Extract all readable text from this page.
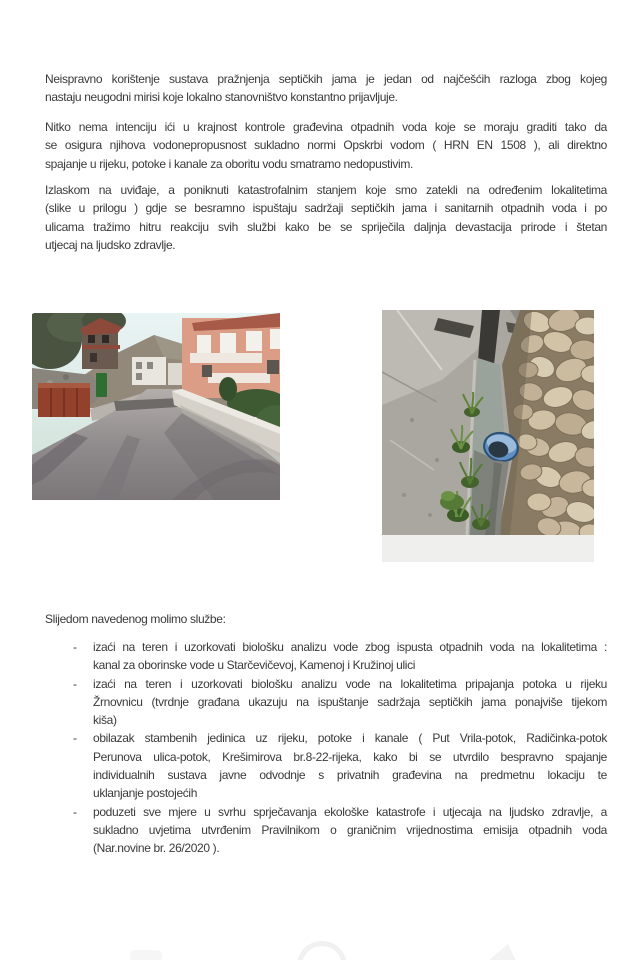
Neispravno korištenje sustava pražnjenja septičkih jama je jedan od najčešćih razloga zbog kojeg
nastaju neugodni mirisi koje lokalno stanovništvo konstantno prijavljuje.
Nitko nema intenciju ići u krajnost kontrole građevina otpadnih voda koje se moraju graditi tako da
se osigura njihova vodonepropusnost sukladno normi Opskrbi vodom ( HRN EN 1508 ), ali direktno
spajanje u rijeku, potoke i kanale za oboritu vodu smatramo nedopustivim.
Izlaskom na uviđaje, a poniknuti katastrofalnim stanjem koje smo zatekli na određenim lokalitetima
(slike u prilogu ) gdje se besramno ispuštaju sadržaji septičkih jama i sanitarnih otpadnih voda i po
ulicama tražimo hitru reakciju svih službi kako be se spriječila daljnja devastacija prirode i štetan
utjecaj na ljudsko zdravlje.
Slijedom navedenog molimo službe:
-	izaći na teren i uzorkovati biološku analizu vode zbog ispusta otpadnih voda na lokalitetima :
kanal za oborinske vode u Starčevičevoj, Kamenoj i Kružinoj ulici
-	izaći na teren i uzorkovati biološku analizu vode na lokalitetima pripajanja potoka u rijeku
Žrnovnicu (tvrdnje građana ukazuju na ispuštanje sadržaja septičkih jama ponajviše tijekom
kiša)
-	obilazak stambenih jedinica uz rijeku, potoke i kanale ( Put Vrila-potok, Radičinka-potok
Perunova ulica-potok, Krešimirova br.8-22-rijeka, kako bi se utvrdilo bespravno spajanje
individualnih sustava javne odvodnje s privatnih građevina na predmetnu lokaciju te
uklanjanje postojećih
-	poduzeti sve mjere u svrhu sprječavanja ekološke katastrofe i utjecaja na ljudsko zdravlje, a
sukladno uvjetima utvrđenim Pravilnikom o graničnim vrijednostima emisija otpadnih voda
(Nar.novine br. 26/2020 ).
